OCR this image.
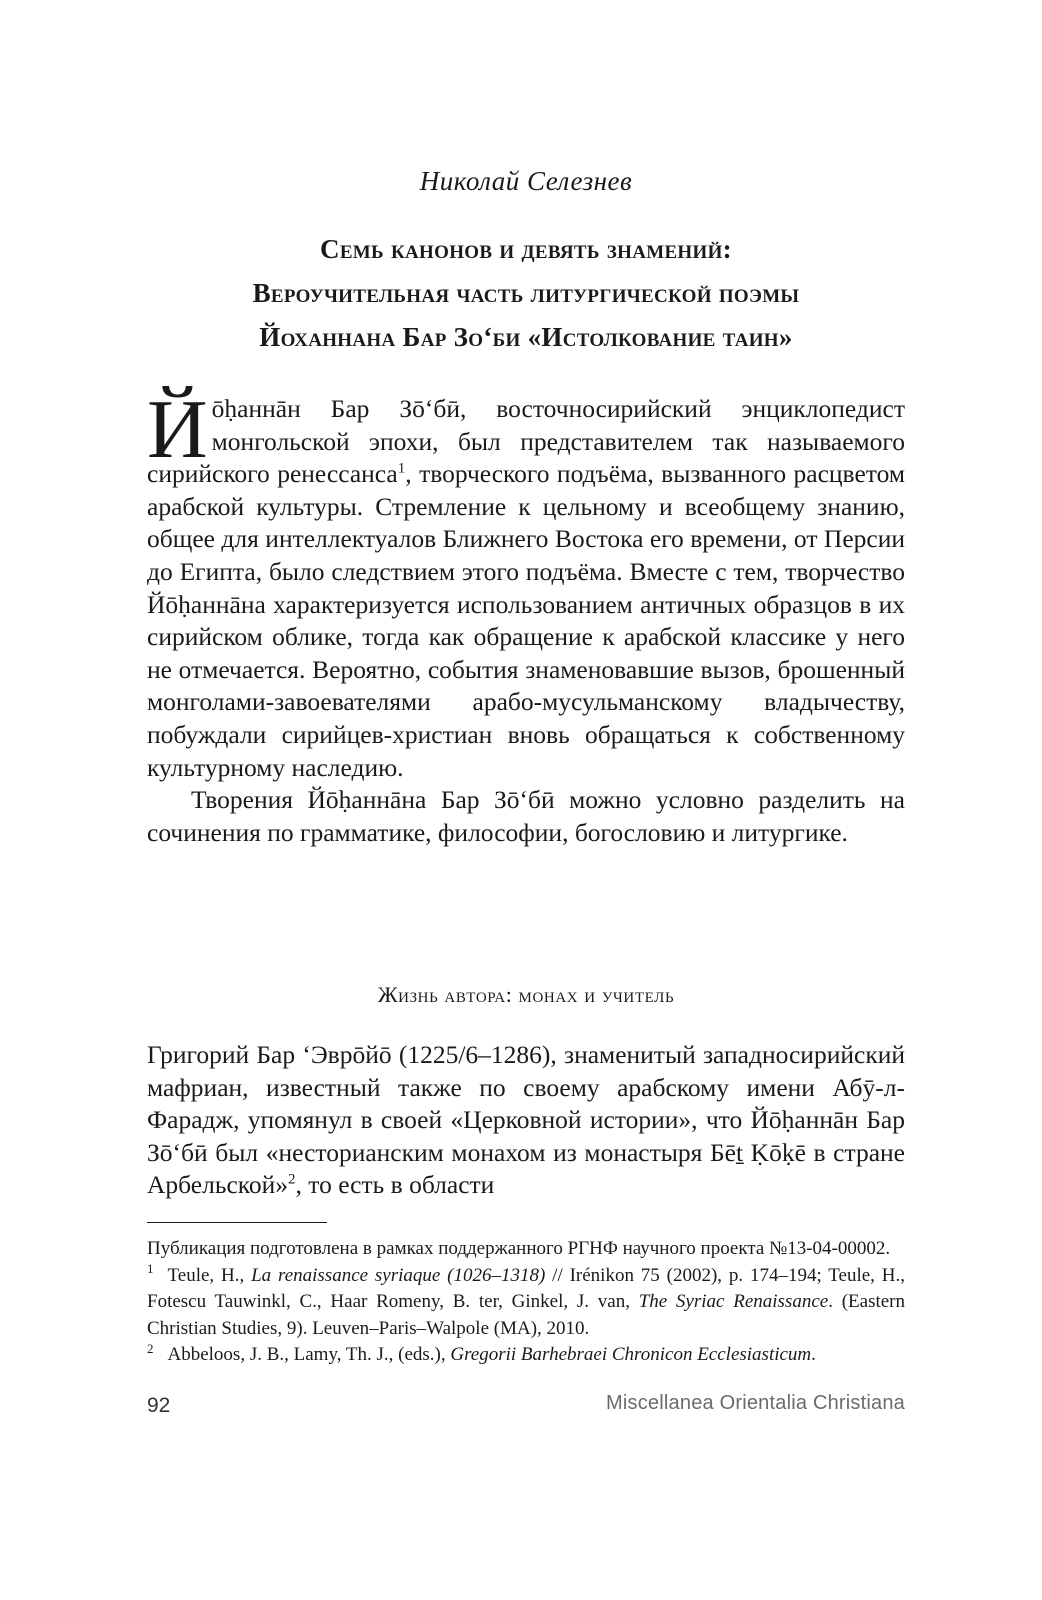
Николай Селезнев
Семь канонов и девять знамений:
Вероучительная часть литургической поэмы
Йоханнана Бар Зоʻби «Истолкование таин»

Йōḥаннāн Бар Зōʻбӣ, восточносирийский энциклопедист монгольской эпохи, был представителем так называемого сирийского ренессанса$^1$, творческого подъёма, вызванного расцветом арабской культуры. Стремление к цельному и всеобщему знанию, общее для интеллектуалов Ближнего Востока его времени, от Персии до Египта, было следствием этого подъёма. Вместе с тем, творчество Йōḥаннāна характеризуется использованием античных образцов в их сирийском облике, тогда как обращение к арабской классике у него не отмечается. Вероятно, события знаменовавшие вызов, брошенный монголами-завоевателями арабо-мусульманскому владычеству, побуждали сирийцев-христиан вновь обращаться к собственному культурному наследию.

Творения Йōḥаннāна Бар Зōʻбӣ можно условно разделить на сочинения по грамматике, философии, богословию и литургике.

Жизнь автора: монах и учитель

Григорий Бар ʻЭврōйō (1225/6–1286), знаменитый западносирийский мафриан, известный также по своему арабскому имени Абӯ-л-Фарадж, упомянул в своей «Церковной истории», что Йōḥаннāн Бар Зōʻбӣ был «несторианским монахом из монастыря Бēṯ Ḳōḳē в стране Арбельской»$^2$, то есть в области

Публикация подготовлена в рамках поддержанного РГНФ научного проекта №13-04-00002.

$^1$ Teule, H., La renaissance syriaque (1026–1318) // Irénikon 75 (2002), p. 174–194; Teule, H., Fotescu Tauwinkl, C., Haar Romeny, B. ter, Ginkel, J. van, The Syriac Renaissance. (Eastern Christian Studies, 9). Leuven–Paris–Walpole (MA), 2010.

$^2$ Abbeloos, J. B., Lamy, Th. J., (eds.), Gregorii Barhebraei Chronicon Ecclesiasticum.

92	Miscellanea Orientalia Christiana
